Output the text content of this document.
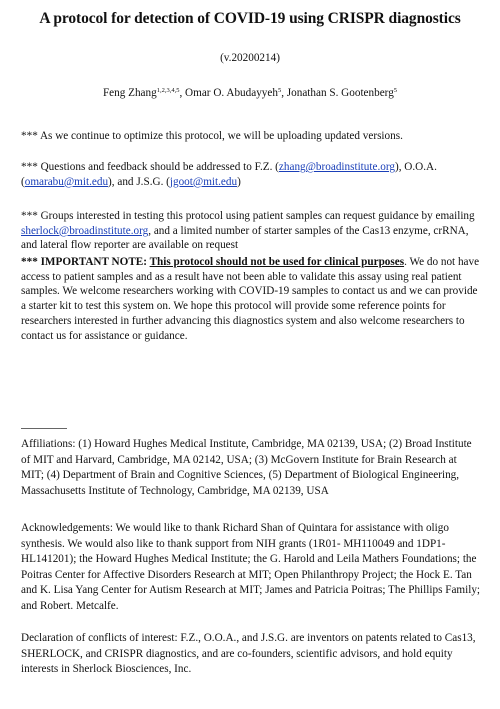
A protocol for detection of COVID-19 using CRISPR diagnostics
(v.20200214)
Feng Zhang$^{1,2,3,4,5}$, Omar O. Abudayyeh$^5$, Jonathan S. Gootenberg$^5$
*** As we continue to optimize this protocol, we will be uploading updated versions.
*** Questions and feedback should be addressed to F.Z. (zhang@broadinstitute.org), O.O.A. (omarabu@mit.edu), and J.S.G. (jgoot@mit.edu)
*** Groups interested in testing this protocol using patient samples can request guidance by emailing sherlock@broadinstitute.org, and a limited number of starter samples of the Cas13 enzyme, crRNA, and lateral flow reporter are available on request
*** IMPORTANT NOTE: This protocol should not be used for clinical purposes. We do not have access to patient samples and as a result have not been able to validate this assay using real patient samples. We welcome researchers working with COVID-19 samples to contact us and we can provide a starter kit to test this system on. We hope this protocol will provide some reference points for researchers interested in further advancing this diagnostics system and also welcome researchers to contact us for assistance or guidance.
Affiliations: (1) Howard Hughes Medical Institute, Cambridge, MA 02139, USA; (2) Broad Institute of MIT and Harvard, Cambridge, MA 02142, USA; (3) McGovern Institute for Brain Research at MIT; (4) Department of Brain and Cognitive Sciences, (5) Department of Biological Engineering, Massachusetts Institute of Technology, Cambridge, MA 02139, USA
Acknowledgements: We would like to thank Richard Shan of Quintara for assistance with oligo synthesis. We would also like to thank support from NIH grants (1R01- MH110049 and 1DP1-HL141201); the Howard Hughes Medical Institute; the G. Harold and Leila Mathers Foundations; the Poitras Center for Affective Disorders Research at MIT; Open Philanthropy Project; the Hock E. Tan and K. Lisa Yang Center for Autism Research at MIT; James and Patricia Poitras; The Phillips Family; and Robert. Metcalfe.
Declaration of conflicts of interest: F.Z., O.O.A., and J.S.G. are inventors on patents related to Cas13, SHERLOCK, and CRISPR diagnostics, and are co-founders, scientific advisors, and hold equity interests in Sherlock Biosciences, Inc.
